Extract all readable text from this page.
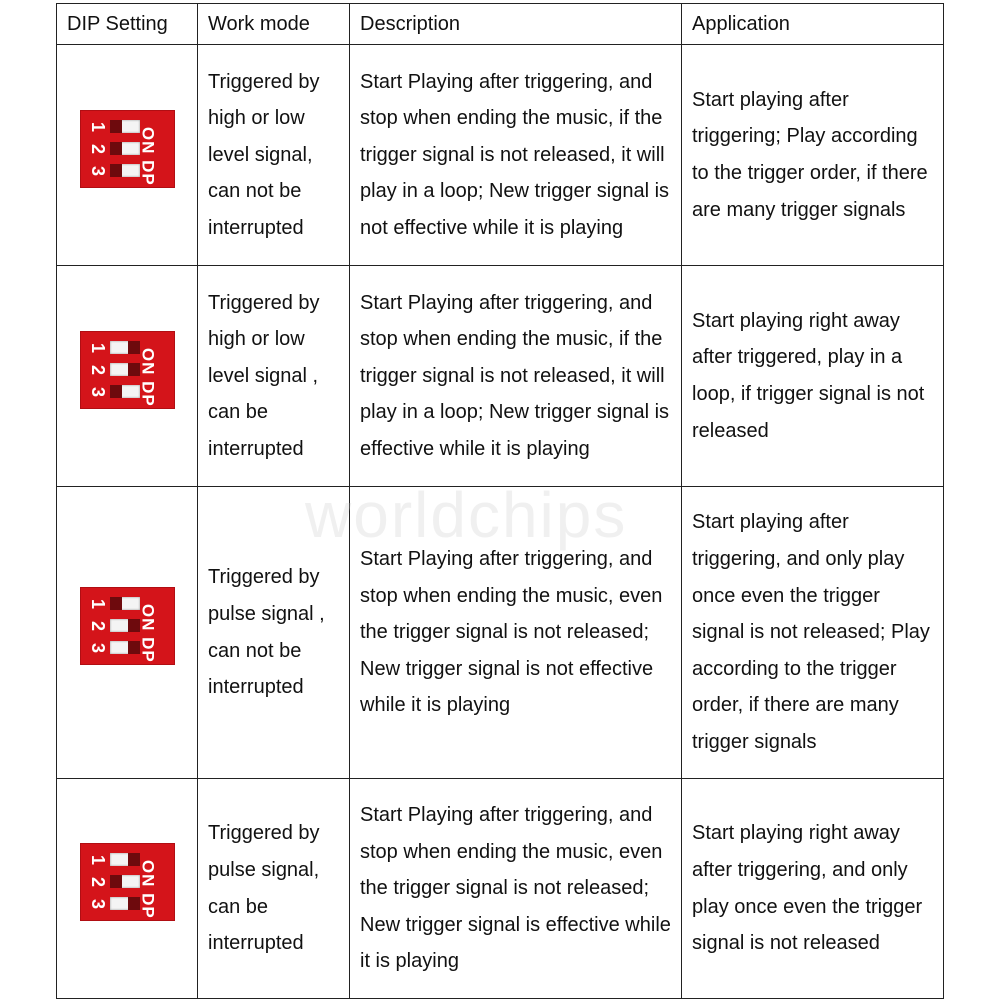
DIP Setting	Work mode	Description	Application

1
2
3 ON DP	Triggered by high or low level signal, can not be interrupted	Start Playing after triggering, and stop when ending the music, if the trigger signal is not released, it will play in a loop; New trigger signal is not effective while it is playing	Start playing after triggering; Play according to the trigger order, if there are many trigger signals

1
2
3 ON DP	Triggered by high or low level signal , can be interrupted	Start Playing after triggering, and stop when ending the music, if the trigger signal is not released, it will play in a loop; New trigger signal is effective while it is playing	Start playing right away after triggered, play in a loop, if trigger signal is not released

1
2
3 ON DP	Triggered by pulse signal , can not be interrupted	Start Playing after triggering, and stop when ending the music, even the trigger signal is not released; New trigger signal is not effective while it is playing	Start playing after triggering, and only play once even the trigger signal is not released; Play according to the trigger order, if there are many trigger signals

1
2
3 ON DP	Triggered by pulse signal, can be interrupted	Start Playing after triggering, and stop when ending the music, even the trigger signal is not released; New trigger signal is effective while it is playing	Start playing right away after triggering, and only play once even the trigger signal is not released
worldchips
